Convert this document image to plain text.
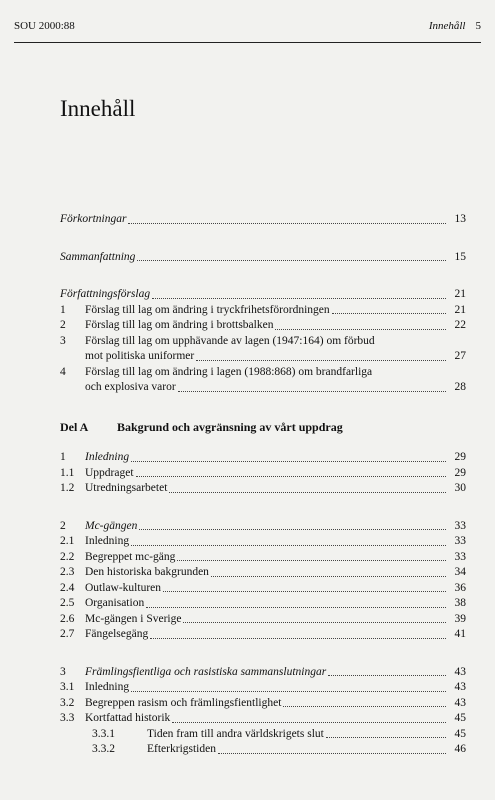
SOU 2000:88	Innehåll 5
Innehåll
Förkortningar	13
Sammanfattning	15
Författningsförslag	21
1	Förslag till lag om ändring i tryckfrihetsförordningen	21
2	Förslag till lag om ändring i brottsbalken	22
3	Förslag till lag om upphävande av lagen (1947:164) om förbud
mot politiska uniformer	27
4	Förslag till lag om ändring i lagen (1988:868) om brandfarliga
och explosiva varor	28
Del A Bakgrund och avgränsning av vårt uppdrag
1	Inledning	29
1.1 Uppdraget	29
1.2 Utredningsarbetet	30
2	Mc-gängen	33
2.1 Inledning	33
2.2 Begreppet mc-gäng	33
2.3 Den historiska bakgrunden	34
2.4 Outlaw-kulturen	36
2.5 Organisation	38
2.6 Mc-gängen i Sverige	39
2.7 Fängelsegäng	41
3	Främlingsfientliga och rasistiska sammanslutningar	43
3.1 Inledning	43
3.2 Begreppen rasism och främlingsfientlighet	43
3.3 Kortfattad historik	45
3.3.1	Tiden fram till andra världskrigets slut	45
3.3.2	Efterkrigstiden	46
